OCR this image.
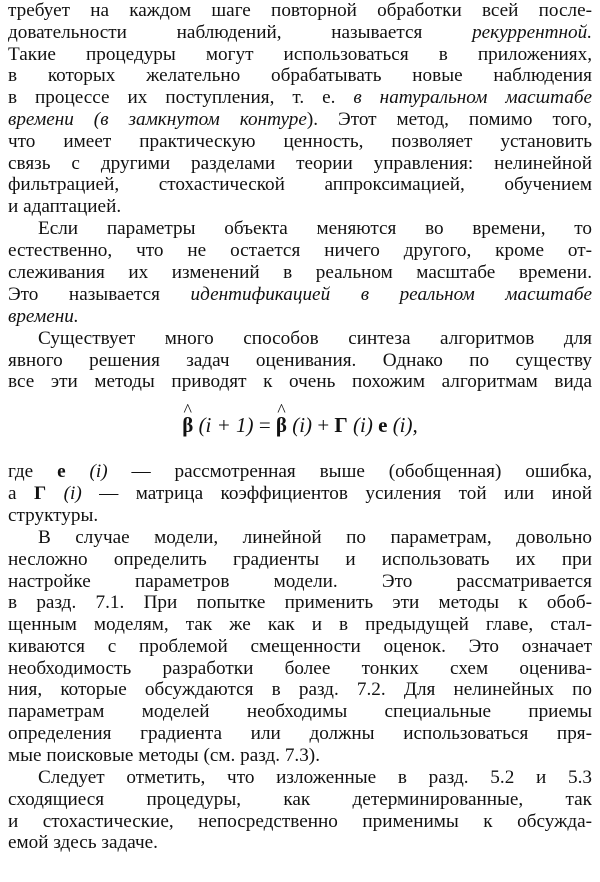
требует на каждом шаге повторной обработки всей после-
довательности наблюдений, называется рекуррентной.
Такие процедуры могут использоваться в приложениях,
в которых желательно обрабатывать новые наблюдения
в процессе их поступления, т. е. в натуральном масштабе
времени (в замкнутом контуре). Этот метод, помимо того,
что имеет практическую ценность, позволяет установить
связь с другими разделами теории управления: нелинейной
фильтрацией, стохастической аппроксимацией, обучением
и адаптацией.
Если параметры объекта меняются во времени, то
естественно, что не остается ничего другого, кроме от-
слеживания их изменений в реальном масштабе времени.
Это называется идентификацией в реальном масштабе
времени.
Существует много способов синтеза алгоритмов для
явного решения задач оценивания. Однако по существу
все эти методы приводят к очень похожим алгоритмам вида
^ β (i + 1) = ^ β (i) + Γ (i) e (i),
где e (i) — рассмотренная выше (обобщенная) ошибка,
а Γ (i) — матрица коэффициентов усиления той или иной
структуры.
В случае модели, линейной по параметрам, довольно
несложно определить градиенты и использовать их при
настройке параметров модели. Это рассматривается
в разд. 7.1. При попытке применить эти методы к обоб-
щенным моделям, так же как и в предыдущей главе, стал-
киваются с проблемой смещенности оценок. Это означает
необходимость разработки более тонких схем оценива-
ния, которые обсуждаются в разд. 7.2. Для нелинейных по
параметрам моделей необходимы специальные приемы
определения градиента или должны использоваться пря-
мые поисковые методы (см. разд. 7.3).
Следует отметить, что изложенные в разд. 5.2 и 5.3
сходящиеся процедуры, как детерминированные, так
и стохастические, непосредственно применимы к обсужда-
емой здесь задаче.
